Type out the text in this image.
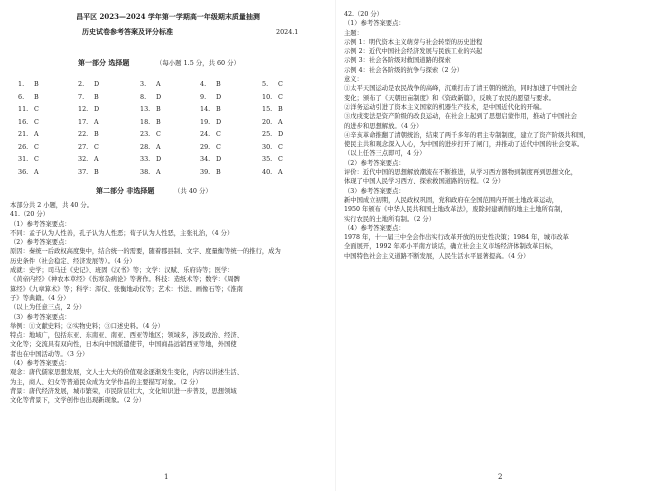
昌平区 2023—2024 学年第一学期高一年级期末质量抽测
历史试卷参考答案及评分标准	2024.1
第一部分 选择题	（每小题 1.5 分，共 60 分）
1. B	2. D	3. A	4. B	5. C
6. B	7. B	8. D	9. D	10. C
11. C	12. D	13. B	14. B	15. B
16. C	17. A	18. B	19. D	20. A
21. A	22. B	23. C	24. C	25. D
26. C	27. C	28. A	29. C	30. C
31. C	32. A	33. D	34. D	35. C
36. A	37. B	38. A	39. B	40. A
第二部分 非选择题	（共 40 分）
本部分共 2 小题，共 40 分。
41.（20 分）
（1）参考答案要点：
不同：孟子认为人性善，孔子认为人性恶；荀子认为人性恶，主张礼治，（4 分）
（2）参考答案要点：
原因：秦统一后政权高度集中，结合统一的需要，随着郡县制、文字、度量衡等统一的推行，成为
历史条件（社会稳定、经济发展等）。（4 分）
成就：史学；司马迁《史记》、班固《汉书》等；文学：汉赋、乐府诗等；医学：
《黄帝内经》《神农本草经》《伤寒杂病论》等著作。科技：造纸术等；数学：《周髀
算经》《九章算术》等；科学：浑仪、张衡地动仪等；艺术：书法、画像石等；《淮南
子》等典籍。（4 分）
（以上为任意三点，2 分）
（3）参考答案要点：
举例：①文献史料；②实物史料；③口述史料。（4 分）
特点：地域广，包括东亚、东南亚、南亚、西亚等地区；领域多，涉及政治、经济、
文化等；交流具有双向性，日本向中国派遣使节，中国商品远销西亚等地，外国使
者也在中国活动等。（3 分）
（4）参考答案要点：
观念：唐代儒家思想发展，文人士大夫的价值观念逐渐发生变化，内容以讲述生活、
为主，商人、妇女等普通民众成为文学作品的主要描写对象。（2 分）
背景：唐代经济发展，城市繁荣，市民阶层壮大，文化知识进一步普及，思想领域
文化等背景下，文学创作也出现新现象。（2 分）
1
42.（20 分）
（1）参考答案要点：
主题：
示例 1：明代资本主义萌芽与社会转型的历史进程
示例 2：近代中国社会经济发展与民族工业的兴起
示例 3：社会各阶级对救国道路的探索
示例 4：社会各阶级的抗争与探索（2 分）
意义：
①太平天国运动是农民战争的高峰，沉重打击了清王朝的统治，同时加速了中国社会
变化；颁布了《天朝田亩制度》和《资政新篇》，反映了农民的愿望与要求。
②洋务运动引进了资本主义国家的机器生产技术，是中国近代化的开端。
③戊戌变法是资产阶级的改良运动，在社会上起到了思想启蒙作用，推动了中国社会
的进步和思想解放。（4 分）
④辛亥革命推翻了清朝统治，结束了两千多年的君主专制制度，建立了资产阶级共和国，
使民主共和观念深入人心，为中国的进步打开了闸门，并推动了近代中国的社会变革。
（以上任答三点即可，4 分）
（2）参考答案要点：
评价：近代中国的思想解放潮流在不断推进，从学习西方器物到制度再到思想文化，
体现了中国人民学习西方、探索救国道路的历程。（2 分）
（3）参考答案要点：
新中国成立初期，人民政权巩固，党和政府在全国范围内开展土地改革运动，
1950 年颁布《中华人民共和国土地改革法》，废除封建剥削的地主土地所有制，
实行农民的土地所有制。（2 分）
（4）参考答案要点：
1978 年，十一届三中全会作出实行改革开放的历史性决策；1984 年，城市改革
全面展开，1992 年邓小平南方谈话，确立社会主义市场经济体制改革目标，
中国特色社会主义道路不断发展，人民生活水平显著提高。（4 分）
2
